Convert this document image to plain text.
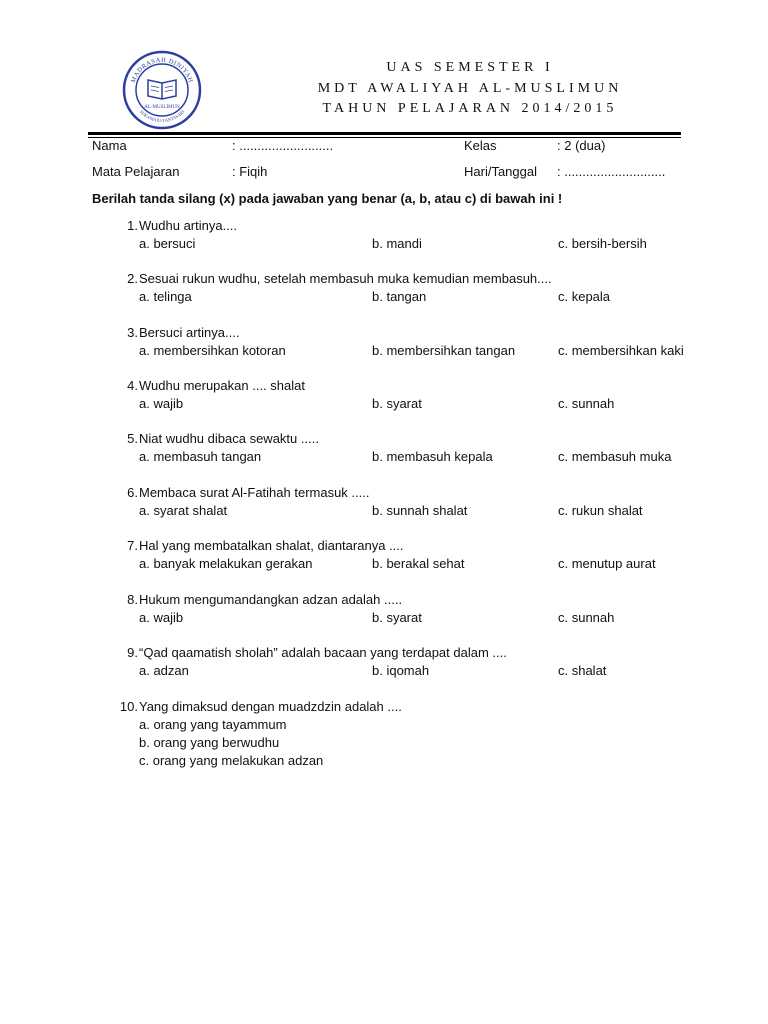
MADRASAH DINIYAH
SUKAMAJU-I ANTASARI
AL-MUSLIMUN
UAS SEMESTER I
MDT AWALIYAH AL-MUSLIMUN
TAHUN PELAJARAN 2014/2015
Nama	: ..........................	Kelas	: 2 (dua)
Mata Pelajaran	: Fiqih	Hari/Tanggal : ............................
Berilah tanda silang (x) pada jawaban yang benar (a, b, atau c) di bawah ini !
1. Wudhu artinya....
a. bersuci	b. mandi	c. bersih-bersih
2. Sesuai rukun wudhu, setelah membasuh muka kemudian membasuh....
a. telinga	b. tangan	c. kepala
3. Bersuci artinya....
a. membersihkan kotoran	b. membersihkan tangan	c. membersihkan kaki
4. Wudhu merupakan .... shalat
a. wajib	b. syarat	c. sunnah
5. Niat wudhu dibaca sewaktu .....
a. membasuh tangan	b. membasuh kepala	c. membasuh muka
6. Membaca surat Al-Fatihah termasuk .....
a. syarat shalat	b. sunnah shalat	c. rukun shalat
7. Hal yang membatalkan shalat, diantaranya ....
a. banyak melakukan gerakan	b. berakal sehat	c. menutup aurat
8. Hukum mengumandangkan adzan adalah .....
a. wajib	b. syarat	c. sunnah
9. “Qad qaamatish sholah” adalah bacaan yang terdapat dalam ....
a. adzan	b. iqomah	c. shalat
10. Yang dimaksud dengan muadzdzin adalah ....
a. orang yang tayammum
b. orang yang berwudhu
c. orang yang melakukan adzan
